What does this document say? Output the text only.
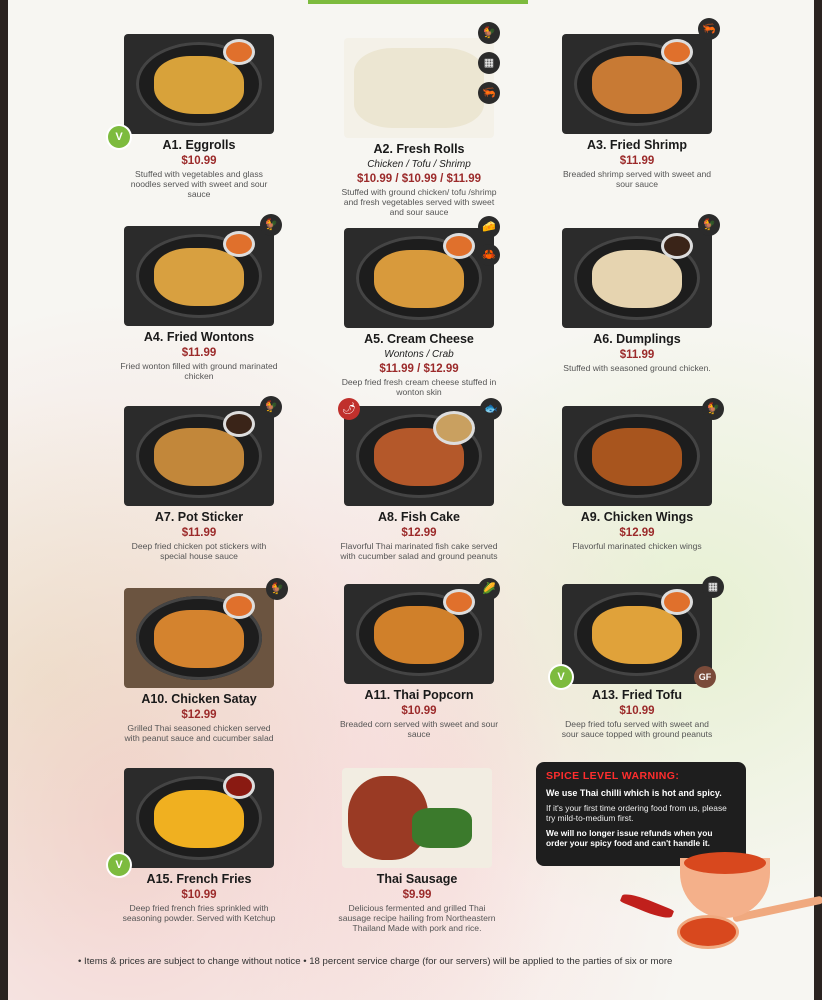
A1. Eggrolls
$10.99
Stuffed with vegetables and glass noodles served with sweet and sour sauce
V
A2. Fresh Rolls
Chicken / Tofu / Shrimp
$10.99 / $10.99 / $11.99
Stuffed with ground chicken/ tofu /shrimp and fresh vegetables served with sweet and sour sauce
🐓
▦
🦐
A3. Fried Shrimp
$11.99
Breaded shrimp served with sweet and sour sauce
🦐
A4. Fried Wontons
$11.99
Fried wonton filled with ground marinated chicken
🐓
A5. Cream Cheese
Wontons / Crab
$11.99 / $12.99
Deep fried fresh cream cheese stuffed in wonton skin
🧀
🦀
A6. Dumplings
$11.99
Stuffed with seasoned ground chicken.
🐓
A7. Pot Sticker
$11.99
Deep fried chicken pot stickers with special house sauce
🐓
A8. Fish Cake
$12.99
Flavorful Thai marinated fish cake served with cucumber salad and ground peanuts
🌶	🐟
A9. Chicken Wings
$12.99
Flavorful marinated chicken wings
🐓
A10. Chicken Satay
$12.99
Grilled Thai seasoned chicken served with peanut sauce and cucumber salad
🐓
A11. Thai Popcorn
$10.99
Breaded corn served with sweet and sour sauce
🌽
A13. Fried Tofu
$10.99
Deep fried tofu served with sweet and sour sauce topped with ground peanuts
▦
V	GF
A15. French Fries
$10.99
Deep fried french fries sprinkled with seasoning powder. Served with Ketchup
V
Thai Sausage
$9.99
Delicious fermented and grilled Thai sausage recipe hailing from Northeastern Thailand Made with pork and rice.
SPICE LEVEL WARNING:
We use Thai chilli which is hot and spicy.
If it's your first time ordering food from us, please try mild-to-medium first.
We will no longer issue refunds when you order your spicy food and can't handle it.
• Items & prices are subject to change without notice • 18 percent service charge (for our servers) will be applied to the parties of six or more
